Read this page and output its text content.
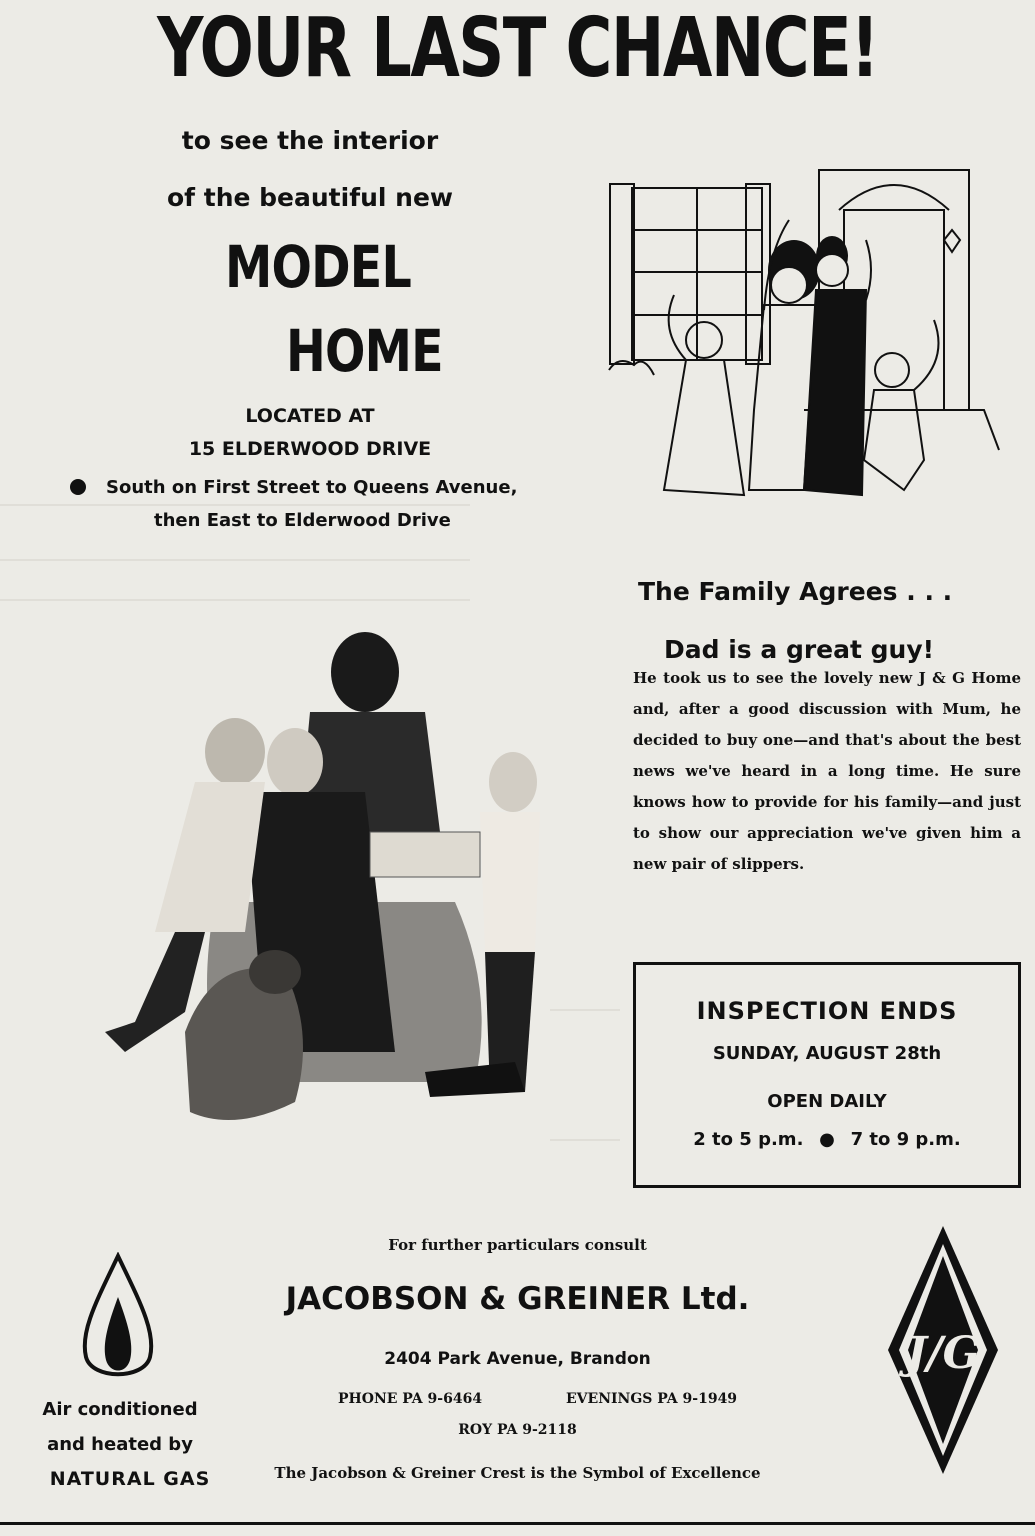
YOUR LAST CHANCE!
to see the interior
of the beautiful new
MODEL
HOME
LOCATED AT
15 ELDERWOOD DRIVE
South on First Street to Queens Avenue,
then East to Elderwood Drive
The Family Agrees . . .
Dad is a great guy!
He took us to see the lovely new J & G Home and, after a good discussion with Mum, he decided to buy one—and that's about the best news we've heard in a long time. He sure knows how to provide for his family—and just to show our appreciation we've given him a new pair of slippers.
INSPECTION ENDS
SUNDAY, AUGUST 28th
OPEN DAILY
2 to 5 p.m. ● 7 to 9 p.m.
For further particulars consult
JACOBSON & GREINER Ltd.
2404 Park Avenue, Brandon
PHONE PA 9-6464	EVENINGS PA 9-1949
ROY PA 9-2118
The Jacobson & Greiner Crest is the Symbol of Excellence
Air conditioned
and heated by
NATURAL GAS
J/G
